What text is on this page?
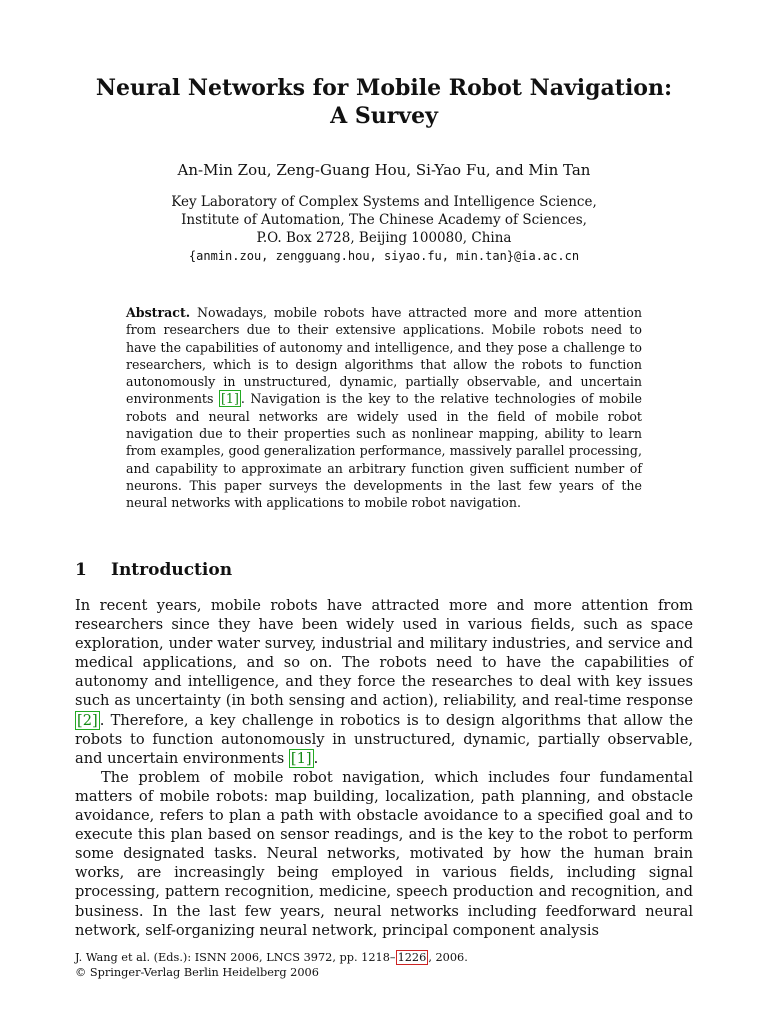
Neural Networks for Mobile Robot Navigation:
A Survey
An-Min Zou, Zeng-Guang Hou, Si-Yao Fu, and Min Tan
Key Laboratory of Complex Systems and Intelligence Science,
Institute of Automation, The Chinese Academy of Sciences,
P.O. Box 2728, Beijing 100080, China
{anmin.zou, zengguang.hou, siyao.fu, min.tan}@ia.ac.cn
Abstract. Nowadays, mobile robots have attracted more and more attention from researchers due to their extensive applications. Mobile robots need to have the capabilities of autonomy and intelligence, and they pose a challenge to researchers, which is to design algorithms that allow the robots to function autonomously in unstructured, dynamic, partially observable, and uncertain environments [1] . Navigation is the key to the relative technologies of mobile robots and neural networks are widely used in the field of mobile robot navigation due to their properties such as nonlinear mapping, ability to learn from examples, good generalization performance, massively parallel processing, and capability to approximate an arbitrary function given sufficient number of neurons. This paper surveys the developments in the last few years of the neural networks with applications to mobile robot navigation.
1 Introduction

In recent years, mobile robots have attracted more and more attention from researchers since they have been widely used in various fields, such as space exploration, under water survey, industrial and military industries, and service and medical applications, and so on. The robots need to have the capabilities of autonomy and intelligence, and they force the researches to deal with key issues such as uncertainty (in both sensing and action), reliability, and real-time response [2] . Therefore, a key challenge in robotics is to design algorithms that allow the robots to function autonomously in unstructured, dynamic, partially observable, and uncertain environments [1] .

The problem of mobile robot navigation, which includes four fundamental matters of mobile robots: map building, localization, path planning, and obstacle avoidance, refers to plan a path with obstacle avoidance to a specified goal and to execute this plan based on sensor readings, and is the key to the robot to perform some designated tasks. Neural networks, motivated by how the human brain works, are increasingly being employed in various fields, including signal processing, pattern recognition, medicine, speech production and recognition, and business. In the last few years, neural networks including feedforward neural network, self-organizing neural network, principal component analysis

J. Wang et al. (Eds.): ISNN 2006, LNCS 3972, pp. 1218– 1226 , 2006.
© Springer-Verlag Berlin Heidelberg 2006
